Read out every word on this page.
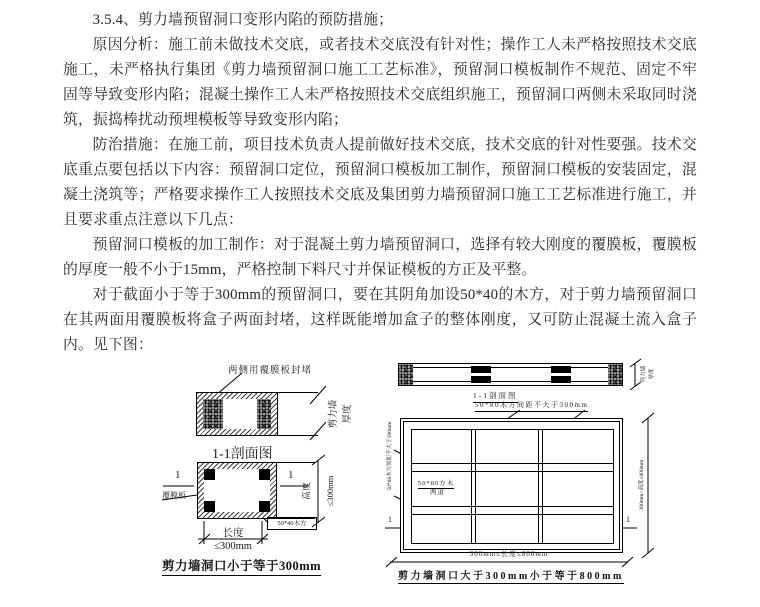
3.5.4、剪力墙预留洞口变形内陷的预防措施；

原因分析：施工前未做技术交底，或者技术交底没有针对性；操作工人未严格按照技术交底施工，未严格执行集团《剪力墙预留洞口施工工艺标准》，预留洞口模板制作不规范、固定不牢固等导致变形内陷；混凝土操作工人未严格按照技术交底组织施工，预留洞口两侧未采取同时浇筑，振捣棒扰动预埋模板等导致变形内陷；

防治措施：在施工前，项目技术负责人提前做好技术交底，技术交底的针对性要强。技术交底重点要包括以下内容：预留洞口定位，预留洞口模板加工制作，预留洞口模板的安装固定，混凝土浇筑等；严格要求操作工人按照技术交底及集团剪力墙预留洞口施工工艺标准进行施工，并且要求重点注意以下几点：

预留洞口模板的加工制作：对于混凝土剪力墙预留洞口，选择有较大刚度的覆膜板，覆膜板的厚度一般不小于15mm，严格控制下料尺寸并保证模板的方正及平整。

对于截面小于等于300mm的预留洞口，要在其阴角加设50*40的木方，对于剪力墙预留洞口在其两面用覆膜板将盒子两面封堵，这样既能增加盒子的整体刚度，又可防止混凝土流入盒子内。见下图：

两侧用覆膜板封堵
剪力墙 厚度
1-1剖面图
1	1
覆膜板	高度 ≤300mm
50*40木方
长度
≤300mm
剪力墙洞口小于等于300mm
剪力墙 厚度
1-1剖面图
50*80木方间距不大于300mm
50*80方木
两道
50*80木方间距不大于300mm
1	1
300mm<高度≤800mm
300mm≤长度≤800mm
剪力墙洞口大于300mm小于等于800mm
